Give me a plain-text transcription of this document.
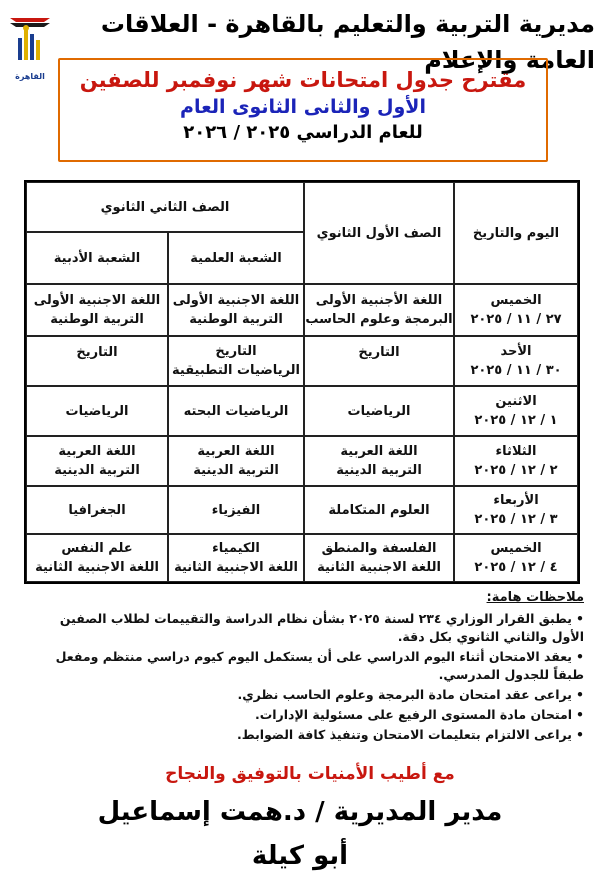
مديرية التربية والتعليم بالقاهرة - العلاقات العامة والإعلام
القاهرة	مقترح جدول امتحانات شهر نوفمبر للصفين
الأول والثانى الثانوى العام
للعام الدراسي ٢٠٢٥ / ٢٠٢٦
اليوم والتاريخ
الصف الأول الثانوي
الصف الثاني الثانوي
الشعبة العلمية
الشعبة الأدبية
الخميس
٢٧ / ١١ / ٢٠٢٥
اللغة الأجنبية الأولى
البرمجة وعلوم الحاسب
اللغة الاجنبية الأولى
التربية الوطنية
اللغة الاجنبية الأولى
التربية الوطنية
الأحد
٣٠ / ١١ / ٢٠٢٥
التاريخ
التاريخ
الرياضيات التطبيقية
التاريخ
الاثنين
١ / ١٢ / ٢٠٢٥
الرياضيات
الرياضيات البحته
الرياضيات
الثلاثاء
٢ / ١٢ / ٢٠٢٥
اللغة العربية
التربية الدينية
اللغة العربية
التربية الدينية
اللغة العربية
التربية الدينية
الأربعاء
٣ / ١٢ / ٢٠٢٥
العلوم المتكاملة
الفيزياء
الجغرافيا
الخميس
٤ / ١٢ / ٢٠٢٥
الفلسفة والمنطق
اللغة الاجنبية الثانية
الكيمياء
اللغة الاجنبية الثانية
علم النفس
اللغة الاجنبية الثانية
ملاحظات هامة:
•يطبق القرار الوزاري ٢٣٤ لسنة ٢٠٢٥ بشأن نظام الدراسة والتقييمات لطلاب الصفين الأول والثاني الثانوي بكل دقة.
•يعقد الامتحان أثناء اليوم الدراسي على أن يستكمل اليوم كيوم دراسي منتظم ومفعل طبقاً للجدول المدرسي.
•يراعى عقد امتحان مادة البرمجة وعلوم الحاسب نظري.
•امتحان مادة المستوى الرفيع على مسئولية الإدارات.
•يراعى الالتزام بتعليمات الامتحان وتنفيذ كافة الضوابط.
مع أطيب الأمنيات بالتوفيق والنجاح
مدير المديرية / د.همت إسماعيل أبو كيلة
